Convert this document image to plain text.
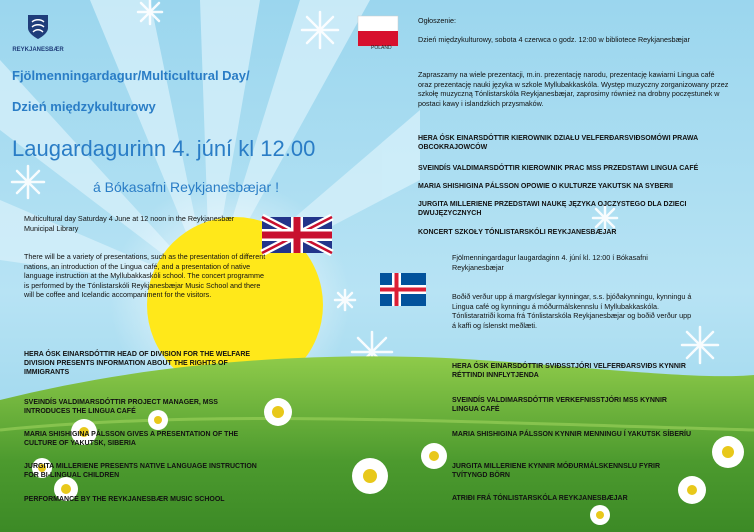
REYKJANESBÆR	POLAND

Fjölmenningardagur/Multicultural Day/

Dzień międzykulturowy

Laugardagurinn 4. júní kl 12.00

á Bókasafni Reykjanesbæjar !

Multicultural day Saturday 4 June at 12 noon in the Reykjanesbær Municipal Library

There will be a variety of presentations, such as the presentation of different nations, an introduction of the Lingua café, and a presentation of native language instruction at the Myllubakkaskóli school. The concert programme is performed by the Tónlistarskóli Reykjanesbæjar Music School and there will be coffee and Icelandic accompaniment for the visitors.

HERA ÓSK EINARSDÓTTIR HEAD OF DIVISION FOR THE WELFARE DIVISION PRESENTS INFORMATION ABOUT THE RIGHTS OF IMMIGRANTS

SVEINDÍS VALDIMARSDÓTTIR PROJECT MANAGER, MSS INTRODUCES THE LINGUA CAFÉ

MARIA SHISHIGINA PÁLSSON GIVES A PRESENTATION OF THE CULTURE OF YAKUTSK, SIBERIA

JURGITA MILLERIENE PRESENTS NATIVE LANGUAGE INSTRUCTION FOR BI-LINGUAL CHILDREN

PERFORMANCE BY THE REYKJANESBÆR MUSIC SCHOOL

Ogłoszenie:

Dzień międzykulturowy, sobota 4 czerwca o godz. 12:00 w bibliotece Reykjanesbæjar

Zapraszamy na wiele prezentacji, m.in. prezentację narodu, prezentację kawiarni Lingua café oraz prezentację nauki języka w szkole Myllubakkaskóla. Występ muzyczny zorganizowany przez szkołę muzyczną Tónlistarskóla Reykjanesbæjar, zaprosimy również na drobny poczęstunek w postaci kawy i islandzkich przysmaków.

HERA ÓSK EINARSDÓTTIR KIEROWNIK DZIAŁU VELFERÐARSVIÐSOMÓWI PRAWA OBCOKRAJOWCÓW

SVEINDÍS VALDIMARSDÓTTIR KIEROWNIK PRAC MSS PRZEDSTAWI LINGUA CAFÉ

MARIA SHISHIGINA PÁLSSON OPOWIE O KULTURZE YAKUTSK NA SYBERII

JURGITA MILLERIENE PRZEDSTAWI NAUKĘ JĘZYKA OJCZYSTEGO DLA DZIECI DWUJĘZYCZNYCH

KONCERT SZKOŁY TÓNLISTARSKÓLI REYKJANESBÆJAR

Fjölmenningardagur laugardaginn 4. júní kl. 12:00 í Bókasafni Reykjanesbæjar

Boðið verður upp á margvíslegar kynningar, s.s. þjóðakynningu, kynningu á Lingua café og kynningu á móðurmálskennslu í Myllubakkaskóla. Tónlistaratriði koma frá Tónlistarskóla Reykjanesbæjar og boðið verður upp á kaffi og íslenskt meðlæti.

HERA ÓSK EINARSDÓTTIR SVIÐSSTJÓRI VELFERÐARSVIÐS KYNNIR RÉTTINDI INNFLYTJENDA

SVEINDÍS VALDIMARSDÓTTIR VERKEFNISSTJÓRI MSS KYNNIR LINGUA CAFÉ

MARIA SHISHIGINA PÁLSSON KYNNIR MENNINGU Í YAKUTSK SÍBERÍU

JURGITA MILLERIENE KYNNIR MÓÐURMÁLSKENNSLU FYRIR TVÍTYNGD BÖRN

ATRIÐI FRÁ TÓNLISTARSKÓLA REYKJANESBÆJAR
